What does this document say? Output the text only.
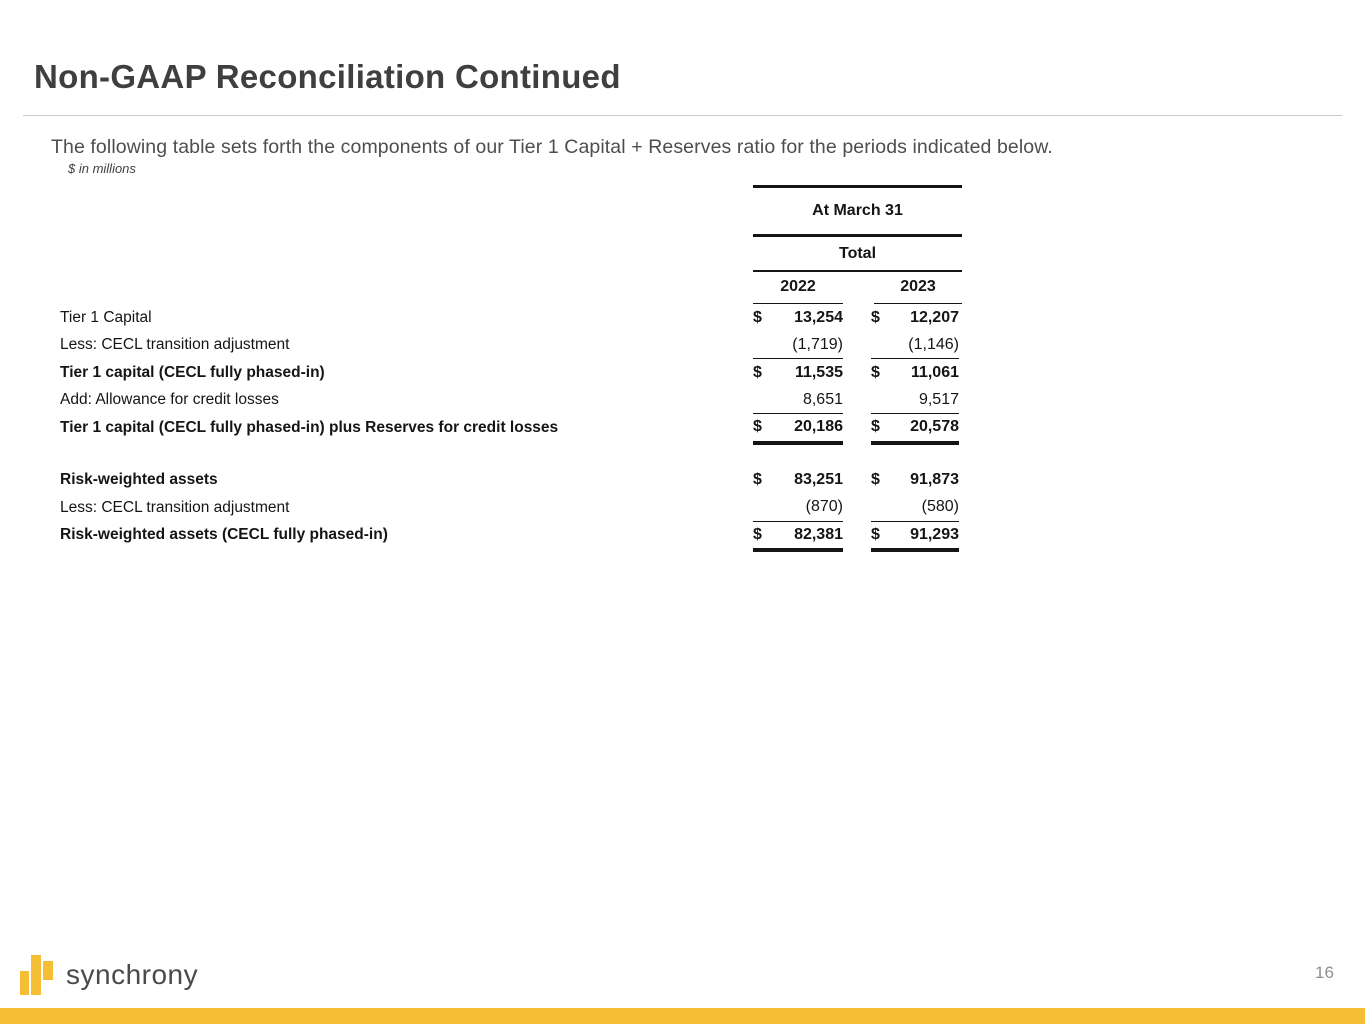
Non-GAAP Reconciliation Continued

The following table sets forth the components of our Tier 1 Capital + Reserves ratio for the periods indicated below.

$ in millions

At March 31
Total
2022	2023
Tier 1 Capital	$ 13,254 $ 12,207
Less: CECL transition adjustment	(1,719)	(1,146)
Tier 1 capital (CECL fully phased-in)	$ 11,535 $ 11,061
Add: Allowance for credit losses	8,651	9,517
Tier 1 capital (CECL fully phased-in) plus Reserves for credit losses	$ 20,186 $ 20,578
Risk-weighted assets	$ 83,251 $ 91,873
Less: CECL transition adjustment	(870)	(580)
Risk-weighted assets (CECL fully phased-in)	$ 82,381 $ 91,293
synchrony	16
